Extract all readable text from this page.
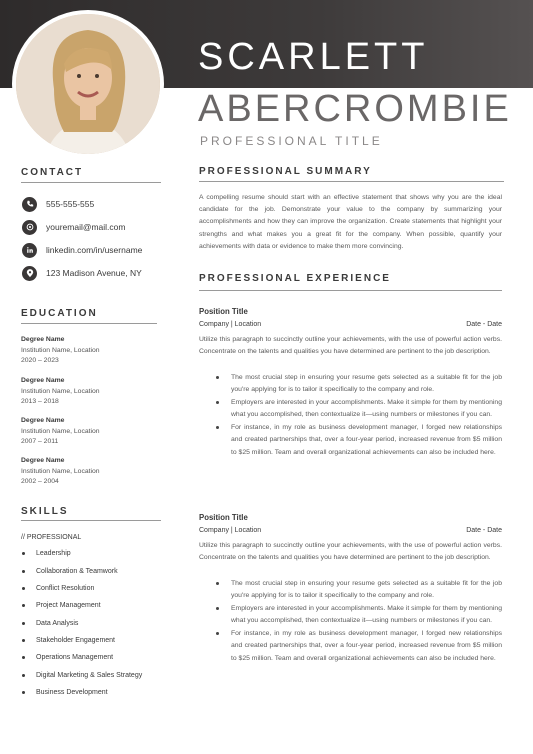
SCARLETT
ABERCROMBIE
PROFESSIONAL TITLE
CONTACT
555-555-555
youremail@mail.com
linkedin.com/in/username
123 Madison Avenue, NY
EDUCATION
Degree Name
Institution Name, Location
2020 – 2023
Degree Name
Institution Name, Location
2013 – 2018
Degree Name
Institution Name, Location
2007 – 2011
Degree Name
Institution Name, Location
2002 – 2004
SKILLS
// PROFESSIONAL
Leadership
Collaboration & Teamwork
Conflict Resolution
Project Management
Data Analysis
Stakeholder Engagement
Operations Management
Digital Marketing & Sales Strategy
Business Development
PROFESSIONAL SUMMARY
A compelling resume should start with an effective statement that shows why you are the ideal candidate for the job. Demonstrate your value to the company by summarizing your accomplishments and how they can improve the organization. Create statements that highlight your strengths and what makes you a great fit for the company. When possible, quantify your achievements with data or evidence to make them more convincing.
PROFESSIONAL EXPERIENCE
Position Title
Company | Location	Date - Date
Utilize this paragraph to succinctly outline your achievements, with the use of powerful action verbs. Concentrate on the talents and qualities you have determined are pertinent to the job description.
The most crucial step in ensuring your resume gets selected as a suitable fit for the job you're applying for is to tailor it specifically to the company and role.
Employers are interested in your accomplishments. Make it simple for them by mentioning what you accomplished, then contextualize it—using numbers or milestones if you can.
For instance, in my role as business development manager, I forged new relationships and created partnerships that, over a four-year period, increased revenue from $5 million to $25 million. Team and overall organizational achievements can also be included here.
Position Title
Company | Location	Date - Date
Utilize this paragraph to succinctly outline your achievements, with the use of powerful action verbs. Concentrate on the talents and qualities you have determined are pertinent to the job description.
The most crucial step in ensuring your resume gets selected as a suitable fit for the job you're applying for is to tailor it specifically to the company and role.
Employers are interested in your accomplishments. Make it simple for them by mentioning what you accomplished, then contextualize it—using numbers or milestones if you can.
For instance, in my role as business development manager, I forged new relationships and created partnerships that, over a four-year period, increased revenue from $5 million to $25 million. Team and overall organizational achievements can also be included here.
